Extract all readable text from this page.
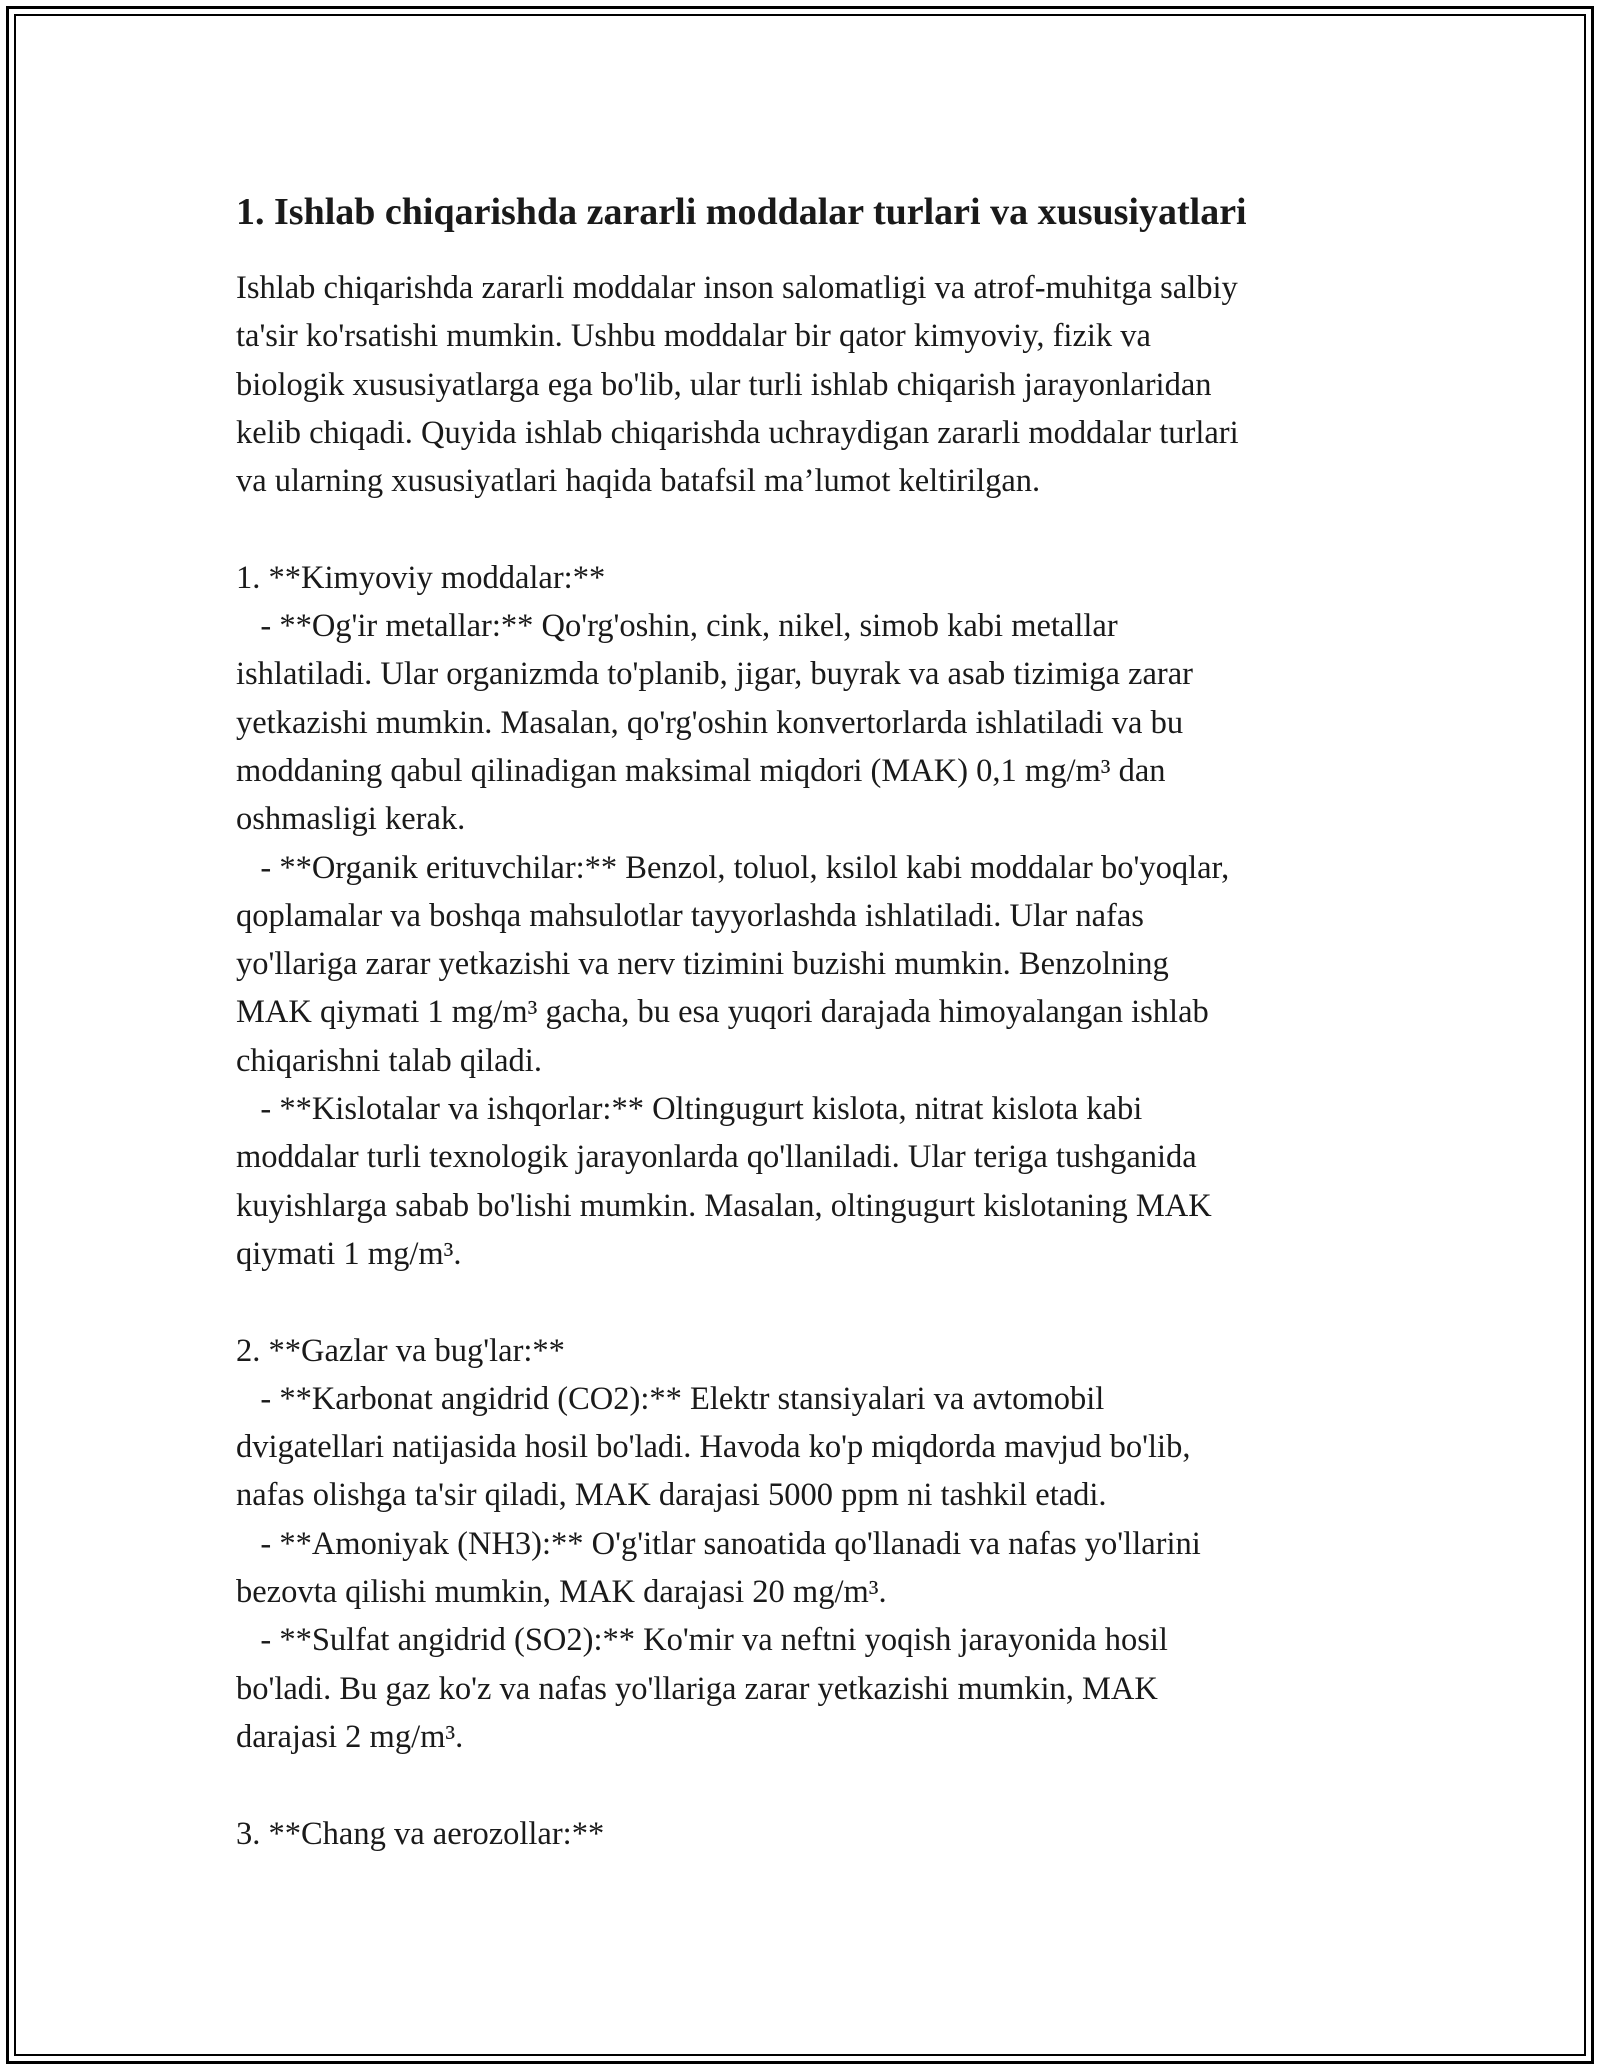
1. Ishlab chiqarishda zararli moddalar turlari va xususiyatlari

Ishlab chiqarishda zararli moddalar inson salomatligi va atrof-muhitga salbiy
ta'sir ko'rsatishi mumkin. Ushbu moddalar bir qator kimyoviy, fizik va
biologik xususiyatlarga ega bo'lib, ular turli ishlab chiqarish jarayonlaridan
kelib chiqadi. Quyida ishlab chiqarishda uchraydigan zararli moddalar turlari
va ularning xususiyatlari haqida batafsil ma’lumot keltirilgan.

1. **Kimyoviy moddalar:**
- **Og'ir metallar:** Qo'rg'oshin, cink, nikel, simob kabi metallar
ishlatiladi. Ular organizmda to'planib, jigar, buyrak va asab tizimiga zarar
yetkazishi mumkin. Masalan, qo'rg'oshin konvertorlarda ishlatiladi va bu
moddaning qabul qilinadigan maksimal miqdori (MAK) 0,1 mg/m³ dan
oshmasligi kerak.
- **Organik erituvchilar:** Benzol, toluol, ksilol kabi moddalar bo'yoqlar,
qoplamalar va boshqa mahsulotlar tayyorlashda ishlatiladi. Ular nafas
yo'llariga zarar yetkazishi va nerv tizimini buzishi mumkin. Benzolning
MAK qiymati 1 mg/m³ gacha, bu esa yuqori darajada himoyalangan ishlab
chiqarishni talab qiladi.
- **Kislotalar va ishqorlar:** Oltingugurt kislota, nitrat kislota kabi
moddalar turli texnologik jarayonlarda qo'llaniladi. Ular teriga tushganida
kuyishlarga sabab bo'lishi mumkin. Masalan, oltingugurt kislotaning MAK
qiymati 1 mg/m³.

2. **Gazlar va bug'lar:**
- **Karbonat angidrid (CO2):** Elektr stansiyalari va avtomobil
dvigatellari natijasida hosil bo'ladi. Havoda ko'p miqdorda mavjud bo'lib,
nafas olishga ta'sir qiladi, MAK darajasi 5000 ppm ni tashkil etadi.
- **Amoniyak (NH3):** O'g'itlar sanoatida qo'llanadi va nafas yo'llarini
bezovta qilishi mumkin, MAK darajasi 20 mg/m³.
- **Sulfat angidrid (SO2):** Ko'mir va neftni yoqish jarayonida hosil
bo'ladi. Bu gaz ko'z va nafas yo'llariga zarar yetkazishi mumkin, MAK
darajasi 2 mg/m³.

3. **Chang va aerozollar:**
